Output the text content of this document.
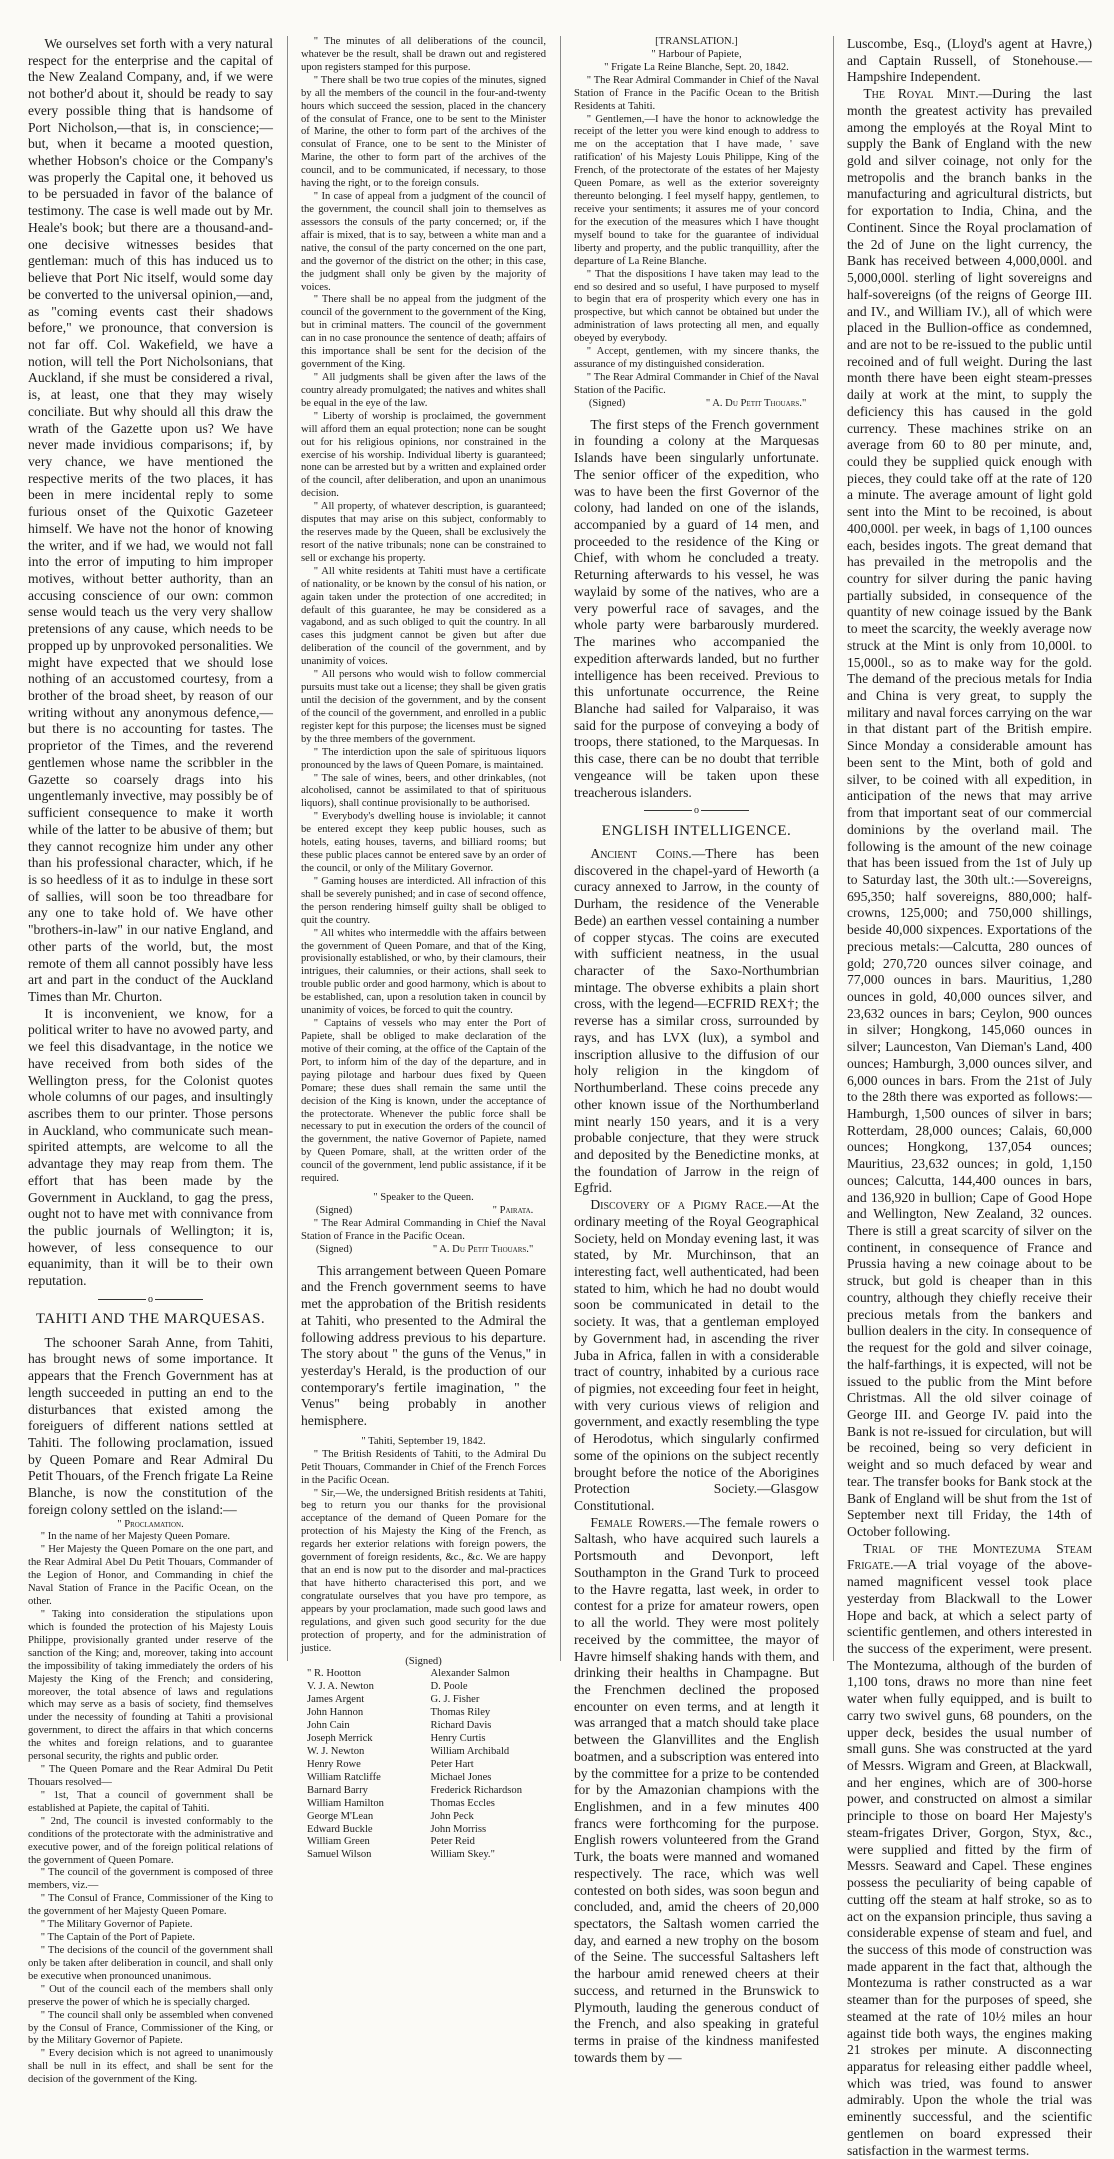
We ourselves set forth with a very natural respect for the enterprise and the capital of the New Zealand Company, and, if we were not bother'd about it, should be ready to say every possible thing that is handsome of Port Nicholson,—that is, in conscience;—but, when it became a mooted question, whether Hobson's choice or the Company's was properly the Capital one, it behoved us to be persuaded in favor of the balance of testimony. The case is well made out by Mr. Heale's book; but there are a thousand-and-one decisive witnesses besides that gentleman: much of this has induced us to believe that Port Nic itself, would some day be converted to the universal opinion,—and, as "coming events cast their shadows before," we pronounce, that conversion is not far off. Col. Wakefield, we have a notion, will tell the Port Nicholsonians, that Auckland, if she must be considered a rival, is, at least, one that they may wisely conciliate. But why should all this draw the wrath of the Gazette upon us? We have never made invidious comparisons; if, by very chance, we have mentioned the respective merits of the two places, it has been in mere incidental reply to some furious onset of the Quixotic Gazeteer himself. We have not the honor of knowing the writer, and if we had, we would not fall into the error of imputing to him improper motives, without better authority, than an accusing conscience of our own: common sense would teach us the very very shallow pretensions of any cause, which needs to be propped up by unprovoked personalities. We might have expected that we should lose nothing of an accustomed courtesy, from a brother of the broad sheet, by reason of our writing without any anonymous defence,—but there is no accounting for tastes. The proprietor of the Times, and the reverend gentlemen whose name the scribbler in the Gazette so coarsely drags into his ungentlemanly invective, may possibly be of sufficient consequence to make it worth while of the latter to be abusive of them; but they cannot recognize him under any other than his professional character, which, if he is so heedless of it as to indulge in these sort of sallies, will soon be too threadbare for any one to take hold of. We have other "brothers-in-law" in our native England, and other parts of the world, but, the most remote of them all cannot possibly have less art and part in the conduct of the Auckland Times than Mr. Churton.

It is inconvenient, we know, for a political writer to have no avowed party, and we feel this disadvantage, in the notice we have received from both sides of the Wellington press, for the Colonist quotes whole columns of our pages, and insultingly ascribes them to our printer. Those persons in Auckland, who communicate such mean-spirited attempts, are welcome to all the advantage they may reap from them. The effort that has been made by the Government in Auckland, to gag the press, ought not to have met with connivance from the public journals of Wellington; it is, however, of less consequence to our equanimity, than it will be to their own reputation.

o
TAHITI AND THE MARQUESAS.

The schooner Sarah Anne, from Tahiti, has brought news of some importance. It appears that the French Government has at length succeeded in putting an end to the disturbances that existed among the foreiguers of different nations settled at Tahiti. The following proclamation, issued by Queen Pomare and Rear Admiral Du Petit Thouars, of the French frigate La Reine Blanche, is now the constitution of the foreign colony settled on the island:—

" Proclamation.

" In the name of her Majesty Queen Pomare.

" Her Majesty the Queen Pomare on the one part, and the Rear Admiral Abel Du Petit Thouars, Commander of the Legion of Honor, and Commanding in chief the Naval Station of France in the Pacific Ocean, on the other.

" Taking into consideration the stipulations upon which is founded the protection of his Majesty Louis Philippe, provisionally granted under reserve of the sanction of the King; and, moreover, taking into account the impossibility of taking immediately the orders of his Majesty the King of the French; and considering, moreover, the total absence of laws and regulations which may serve as a basis of society, find themselves under the necessity of founding at Tahiti a provisional government, to direct the affairs in that which concerns the whites and foreign relations, and to guarantee personal security, the rights and public order.

" The Queen Pomare and the Rear Admiral Du Petit Thouars resolved—

" 1st, That a council of government shall be established at Papiete, the capital of Tahiti.

" 2nd, The council is invested conformably to the conditions of the protectorate with the administrative and executive power, and of the foreign political relations of the government of Queen Pomare.

" The council of the government is composed of three members, viz.—

" The Consul of France, Commissioner of the King to the government of her Majesty Queen Pomare.

" The Military Governor of Papiete.

" The Captain of the Port of Papiete.

" The decisions of the council of the government shall only be taken after deliberation in council, and shall only be executive when pronounced unanimous.

" Out of the council each of the members shall only preserve the power of which he is specially charged.

" The council shall only be assembled when convened by the Consul of France, Commissioner of the King, or by the Military Governor of Papiete.

" Every decision which is not agreed to unanimously shall be null in its effect, and shall be sent for the decision of the government of the King.

" The minutes of all deliberations of the council, whatever be the result, shall be drawn out and registered upon registers stamped for this purpose.

" There shall be two true copies of the minutes, signed by all the members of the council in the four-and-twenty hours which succeed the session, placed in the chancery of the consulat of France, one to be sent to the Minister of Marine, the other to form part of the archives of the consulat of France, one to be sent to the Minister of Marine, the other to form part of the archives of the council, and to be communicated, if necessary, to those having the right, or to the foreign consuls.

" In case of appeal from a judgment of the council of the government, the council shall join to themselves as assessors the consuls of the party concerned; or, if the affair is mixed, that is to say, between a white man and a native, the consul of the party concerned on the one part, and the governor of the district on the other; in this case, the judgment shall only be given by the majority of voices.

" There shall be no appeal from the judgment of the council of the government to the government of the King, but in criminal matters. The council of the government can in no case pronounce the sentence of death; affairs of this importance shall be sent for the decision of the government of the King.

" All judgments shall be given after the laws of the country already promulgated; the natives and whites shall be equal in the eye of the law.

" Liberty of worship is proclaimed, the government will afford them an equal protection; none can be sought out for his religious opinions, nor constrained in the exercise of his worship. Individual liberty is guaranteed; none can be arrested but by a written and explained order of the council, after deliberation, and upon an unanimous decision.

" All property, of whatever description, is guaranteed; disputes that may arise on this subject, conformably to the reserves made by the Queen, shall be exclusively the resort of the native tribunals; none can be constrained to sell or exchange his property.

" All white residents at Tahiti must have a certificate of nationality, or be known by the consul of his nation, or again taken under the protection of one accredited; in default of this guarantee, he may be considered as a vagabond, and as such obliged to quit the country. In all cases this judgment cannot be given but after due deliberation of the council of the government, and by unanimity of voices.

" All persons who would wish to follow commercial pursuits must take out a license; they shall be given gratis until the decision of the government, and by the consent of the council of the government, and enrolled in a public register kept for this purpose; the licenses must be signed by the three members of the government.

" The interdiction upon the sale of spirituous liquors pronounced by the laws of Queen Pomare, is maintained.

" The sale of wines, beers, and other drinkables, (not alcoholised, cannot be assimilated to that of spirituous liquors), shall continue provisionally to be authorised.

" Everybody's dwelling house is inviolable; it cannot be entered except they keep public houses, such as hotels, eating houses, taverns, and billiard rooms; but these public places cannot be entered save by an order of the council, or only of the Military Governor.

" Gaming houses are interdicted. All infraction of this shall be severely punished; and in case of second offence, the person rendering himself guilty shall be obliged to quit the country.

" All whites who intermeddle with the affairs between the government of Queen Pomare, and that of the King, provisionally established, or who, by their clamours, their intrigues, their calumnies, or their actions, shall seek to trouble public order and good harmony, which is about to be established, can, upon a resolution taken in council by unanimity of voices, be forced to quit the country.

" Captains of vessels who may enter the Port of Papiete, shall be obliged to make declaration of the motive of their coming, at the office of the Captain of the Port, to inform him of the day of the departure, and in paying pilotage and harbour dues fixed by Queen Pomare; these dues shall remain the same until the decision of the King is known, under the acceptance of the protectorate. Whenever the public force shall be necessary to put in execution the orders of the council of the government, the native Governor of Papiete, named by Queen Pomare, shall, at the written order of the council of the government, lend public assistance, if it be required.

" Speaker to the Queen.

(Signed)	" Pairata.

" The Rear Admiral Commanding in Chief the Naval Station of France in the Pacific Ocean.

(Signed)	" A. Du Petit Thouars."

This arrangement between Queen Pomare and the French government seems to have met the approbation of the British residents at Tahiti, who presented to the Admiral the following address previous to his departure. The story about " the guns of the Venus," in yesterday's Herald, is the production of our contemporary's fertile imagination, " the Venus" being probably in another hemisphere.

" Tahiti, September 19, 1842.

" The British Residents of Tahiti, to the Admiral Du Petit Thouars, Commander in Chief of the French Forces in the Pacific Ocean.

" Sir,—We, the undersigned British residents at Tahiti, beg to return you our thanks for the provisional acceptance of the demand of Queen Pomare for the protection of his Majesty the King of the French, as regards her exterior relations with foreign powers, the government of foreign residents, &c., &c. We are happy that an end is now put to the disorder and mal-practices that have hitherto characterised this port, and we congratulate ourselves that you have pro tempore, as appears by your proclamation, made such good laws and regulations, and given such good security for the due protection of property, and for the administration of justice.

(Signed)

" R. Hootton
V. J. A. Newton
James Argent
John Hannon
John Cain
Joseph Merrick
W. J. Newton
Henry Rowe
William Ratcliffe
Barnard Barry
William Hamilton
George M'Lean
Edward Buckle
William Green
Samuel Wilson
Alexander Salmon
D. Poole
G. J. Fisher
Thomas Riley
Richard Davis
Henry Curtis
William Archibald
Peter Hart
Michael Jones
Frederick Richardson
Thomas Eccles
John Peck
John Morriss
Peter Reid
William Skey."

[TRANSLATION.]

" Harbour of Papiete,

" Frigate La Reine Blanche, Sept. 20, 1842.

" The Rear Admiral Commander in Chief of the Naval Station of France in the Pacific Ocean to the British Residents at Tahiti.

" Gentlemen,—I have the honor to acknowledge the receipt of the letter you were kind enough to address to me on the acceptation that I have made, ' save ratification' of his Majesty Louis Philippe, King of the French, of the protectorate of the estates of her Majesty Queen Pomare, as well as the exterior sovereignty thereunto belonging. I feel myself happy, gentlemen, to receive your sentiments; it assures me of your concord for the execution of the measures which I have thought myself bound to take for the guarantee of individual liberty and property, and the public tranquillity, after the departure of La Reine Blanche.

" That the dispositions I have taken may lead to the end so desired and so useful, I have purposed to myself to begin that era of prosperity which every one has in prospective, but which cannot be obtained but under the administration of laws protecting all men, and equally obeyed by everybody.

" Accept, gentlemen, with my sincere thanks, the assurance of my distinguished consideration.

" The Rear Admiral Commander in Chief of the Naval Station of the Pacific.

(Signed)	" A. Du Petit Thouars."

The first steps of the French government in founding a colony at the Marquesas Islands have been singularly unfortunate. The senior officer of the expedition, who was to have been the first Governor of the colony, had landed on one of the islands, accompanied by a guard of 14 men, and proceeded to the residence of the King or Chief, with whom he concluded a treaty. Returning afterwards to his vessel, he was waylaid by some of the natives, who are a very powerful race of savages, and the whole party were barbarously murdered. The marines who accompanied the expedition afterwards landed, but no further intelligence has been received. Previous to this unfortunate occurrence, the Reine Blanche had sailed for Valparaiso, it was said for the purpose of conveying a body of troops, there stationed, to the Marquesas. In this case, there can be no doubt that terrible vengeance will be taken upon these treacherous islanders.

o
ENGLISH INTELLIGENCE.

Ancient Coins.—There has been discovered in the chapel-yard of Heworth (a curacy annexed to Jarrow, in the county of Durham, the residence of the Venerable Bede) an earthen vessel containing a number of copper stycas. The coins are executed with sufficient neatness, in the usual character of the Saxo-Northumbrian mintage. The obverse exhibits a plain short cross, with the legend—ECFRID REX†; the reverse has a similar cross, surrounded by rays, and has LVX (lux), a symbol and inscription allusive to the diffusion of our holy religion in the kingdom of Northumberland. These coins precede any other known issue of the Northumberland mint nearly 150 years, and it is a very probable conjecture, that they were struck and deposited by the Benedictine monks, at the foundation of Jarrow in the reign of Egfrid.

Discovery of a Pigmy Race.—At the ordinary meeting of the Royal Geographical Society, held on Monday evening last, it was stated, by Mr. Murchinson, that an interesting fact, well authenticated, had been stated to him, which he had no doubt would soon be communicated in detail to the society. It was, that a gentleman employed by Government had, in ascending the river Juba in Africa, fallen in with a considerable tract of country, inhabited by a curious race of pigmies, not exceeding four feet in height, with very curious views of religion and government, and exactly resembling the type of Herodotus, which singularly confirmed some of the opinions on the subject recently brought before the notice of the Aborigines Protection Society.—Glasgow Constitutional.

Female Rowers.—The female rowers o Saltash, who have acquired such laurels a Portsmouth and Devonport, left Southampton in the Grand Turk to proceed to the Havre regatta, last week, in order to contest for a prize for amateur rowers, open to all the world. They were most politely received by the committee, the mayor of Havre himself shaking hands with them, and drinking their healths in Champagne. But the Frenchmen declined the proposed encounter on even terms, and at length it was arranged that a match should take place between the Glanvillites and the English boatmen, and a subscription was entered into by the committee for a prize to be contended for by the Amazonian champions with the Englishmen, and in a few minutes 400 francs were forthcoming for the purpose. English rowers volunteered from the Grand Turk, the boats were manned and womaned respectively. The race, which was well contested on both sides, was soon begun and concluded, and, amid the cheers of 20,000 spectators, the Saltash women carried the day, and earned a new trophy on the bosom of the Seine. The successful Saltashers left the harbour amid renewed cheers at their success, and returned in the Brunswick to Plymouth, lauding the generous conduct of the French, and also speaking in grateful terms in praise of the kindness manifested towards them by —

Luscombe, Esq., (Lloyd's agent at Havre,) and Captain Russell, of Stonehouse.—Hampshire Independent.

The Royal Mint.—During the last month the greatest activity has prevailed among the employés at the Royal Mint to supply the Bank of England with the new gold and silver coinage, not only for the metropolis and the branch banks in the manufacturing and agricultural districts, but for exportation to India, China, and the Continent. Since the Royal proclamation of the 2d of June on the light currency, the Bank has received between 4,000,000l. and 5,000,000l. sterling of light sovereigns and half-sovereigns (of the reigns of George III. and IV., and William IV.), all of which were placed in the Bullion-office as condemned, and are not to be re-issued to the public until recoined and of full weight. During the last month there have been eight steam-presses daily at work at the mint, to supply the deficiency this has caused in the gold currency. These machines strike on an average from 60 to 80 per minute, and, could they be supplied quick enough with pieces, they could take off at the rate of 120 a minute. The average amount of light gold sent into the Mint to be recoined, is about 400,000l. per week, in bags of 1,100 ounces each, besides ingots. The great demand that has prevailed in the metropolis and the country for silver during the panic having partially subsided, in consequence of the quantity of new coinage issued by the Bank to meet the scarcity, the weekly average now struck at the Mint is only from 10,000l. to 15,000l., so as to make way for the gold. The demand of the precious metals for India and China is very great, to supply the military and naval forces carrying on the war in that distant part of the British empire. Since Monday a considerable amount has been sent to the Mint, both of gold and silver, to be coined with all expedition, in anticipation of the news that may arrive from that important seat of our commercial dominions by the overland mail. The following is the amount of the new coinage that has been issued from the 1st of July up to Saturday last, the 30th ult.:—Sovereigns, 695,350; half sovereigns, 880,000; half-crowns, 125,000; and 750,000 shillings, beside 40,000 sixpences. Exportations of the precious metals:—Calcutta, 280 ounces of gold; 270,720 ounces silver coinage, and 77,000 ounces in bars. Mauritius, 1,280 ounces in gold, 40,000 ounces silver, and 23,632 ounces in bars; Ceylon, 900 ounces in silver; Hongkong, 145,060 ounces in silver; Launceston, Van Dieman's Land, 400 ounces; Hamburgh, 3,000 ounces silver, and 6,000 ounces in bars. From the 21st of July to the 28th there was exported as follows:—Hamburgh, 1,500 ounces of silver in bars; Rotterdam, 28,000 ounces; Calais, 60,000 ounces; Hongkong, 137,054 ounces; Mauritius, 23,632 ounces; in gold, 1,150 ounces; Calcutta, 144,400 ounces in bars, and 136,920 in bullion; Cape of Good Hope and Wellington, New Zealand, 32 ounces. There is still a great scarcity of silver on the continent, in consequence of France and Prussia having a new coinage about to be struck, but gold is cheaper than in this country, although they chiefly receive their precious metals from the bankers and bullion dealers in the city. In consequence of the request for the gold and silver coinage, the half-farthings, it is expected, will not be issued to the public from the Mint before Christmas. All the old silver coinage of George III. and George IV. paid into the Bank is not re-issued for circulation, but will be recoined, being so very deficient in weight and so much defaced by wear and tear. The transfer books for Bank stock at the Bank of England will be shut from the 1st of September next till Friday, the 14th of October following.

Trial of the Montezuma Steam Frigate.—A trial voyage of the above-named magnificent vessel took place yesterday from Blackwall to the Lower Hope and back, at which a select party of scientific gentlemen, and others interested in the success of the experiment, were present. The Montezuma, although of the burden of 1,100 tons, draws no more than nine feet water when fully equipped, and is built to carry two swivel guns, 68 pounders, on the upper deck, besides the usual number of small guns. She was constructed at the yard of Messrs. Wigram and Green, at Blackwall, and her engines, which are of 300-horse power, and constructed on almost a similar principle to those on board Her Majesty's steam-frigates Driver, Gorgon, Styx, &c., were supplied and fitted by the firm of Messrs. Seaward and Capel. These engines possess the peculiarity of being capable of cutting off the steam at half stroke, so as to act on the expansion principle, thus saving a considerable expense of steam and fuel, and the success of this mode of construction was made apparent in the fact that, although the Montezuma is rather constructed as a war steamer than for the purposes of speed, she steamed at the rate of 10½ miles an hour against tide both ways, the engines making 21 strokes per minute. A disconnecting apparatus for releasing either paddle wheel, which was tried, was found to answer admirably. Upon the whole the trial was eminently successful, and the scientific gentlemen on board expressed their satisfaction in the warmest terms.
